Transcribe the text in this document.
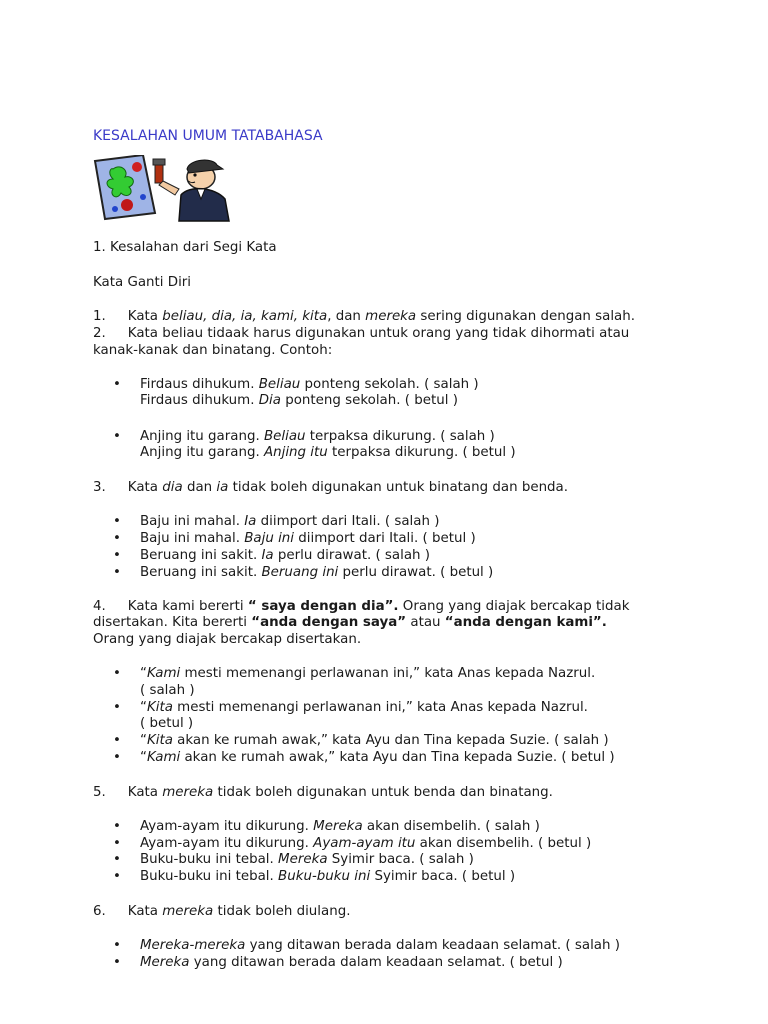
KESALAHAN UMUM TATABAHASA
1. Kesalahan dari Segi Kata
Kata Ganti Diri
1. Kata beliau, dia, ia, kami, kita, dan mereka sering digunakan dengan salah.
2. Kata beliau tidaak harus digunakan untuk orang yang tidak dihormati atau
kanak-kanak dan binatang. Contoh:
• Firdaus dihukum. Beliau ponteng sekolah. ( salah )
Firdaus dihukum. Dia ponteng sekolah. ( betul )
• Anjing itu garang. Beliau terpaksa dikurung. ( salah )
Anjing itu garang. Anjing itu terpaksa dikurung. ( betul )
3. Kata dia dan ia tidak boleh digunakan untuk binatang dan benda.
• Baju ini mahal. Ia diimport dari Itali. ( salah )
• Baju ini mahal. Baju ini diimport dari Itali. ( betul )
• Beruang ini sakit. Ia perlu dirawat. ( salah )
• Beruang ini sakit. Beruang ini perlu dirawat. ( betul )
4. Kata kami bererti “ saya dengan dia”. Orang yang diajak bercakap tidak
disertakan. Kita bererti “anda dengan saya” atau “anda dengan kami”.
Orang yang diajak bercakap disertakan.
• “Kami mesti memenangi perlawanan ini,” kata Anas kepada Nazrul.
( salah )
• “Kita mesti memenangi perlawanan ini,” kata Anas kepada Nazrul.
( betul )
• “Kita akan ke rumah awak,” kata Ayu dan Tina kepada Suzie. ( salah )
• “Kami akan ke rumah awak,” kata Ayu dan Tina kepada Suzie. ( betul )
5. Kata mereka tidak boleh digunakan untuk benda dan binatang.
• Ayam-ayam itu dikurung. Mereka akan disembelih. ( salah )
• Ayam-ayam itu dikurung. Ayam-ayam itu akan disembelih. ( betul )
• Buku-buku ini tebal. Mereka Syimir baca. ( salah )
• Buku-buku ini tebal. Buku-buku ini Syimir baca. ( betul )
6. Kata mereka tidak boleh diulang.
• Mereka-mereka yang ditawan berada dalam keadaan selamat. ( salah )
• Mereka yang ditawan berada dalam keadaan selamat. ( betul )
